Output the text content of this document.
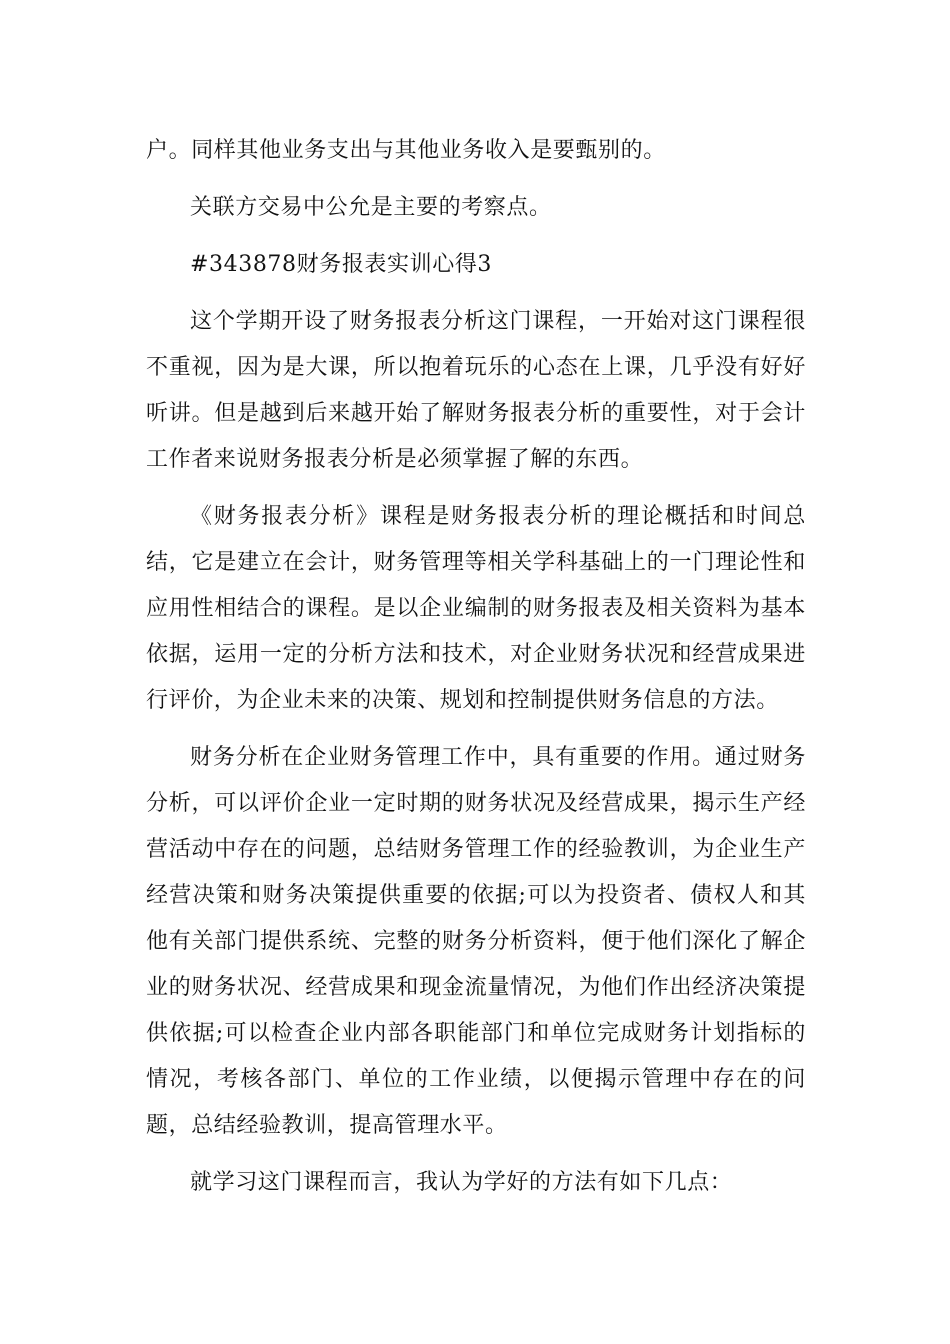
户。同样其他业务支出与其他业务收入是要甄别的。

关联方交易中公允是主要的考察点。

#343878财务报表实训心得3

这个学期开设了财务报表分析这门课程，一开始对这门课程很不重视，因为是大课，所以抱着玩乐的心态在上课，几乎没有好好听讲。但是越到后来越开始了解财务报表分析的重要性，对于会计工作者来说财务报表分析是必须掌握了解的东西。

《财务报表分析》课程是财务报表分析的理论概括和时间总结，它是建立在会计，财务管理等相关学科基础上的一门理论性和应用性相结合的课程。是以企业编制的财务报表及相关资料为基本依据，运用一定的分析方法和技术，对企业财务状况和经营成果进行评价，为企业未来的决策、规划和控制提供财务信息的方法。

财务分析在企业财务管理工作中，具有重要的作用。通过财务分析，可以评价企业一定时期的财务状况及经营成果，揭示生产经营活动中存在的问题，总结财务管理工作的经验教训，为企业生产经营决策和财务决策提供重要的依据;可以为投资者、债权人和其他有关部门提供系统、完整的财务分析资料，便于他们深化了解企业的财务状况、经营成果和现金流量情况，为他们作出经济决策提供依据;可以检查企业内部各职能部门和单位完成财务计划指标的情况，考核各部门、单位的工作业绩，以便揭示管理中存在的问题，总结经验教训，提高管理水平。

就学习这门课程而言，我认为学好的方法有如下几点：
